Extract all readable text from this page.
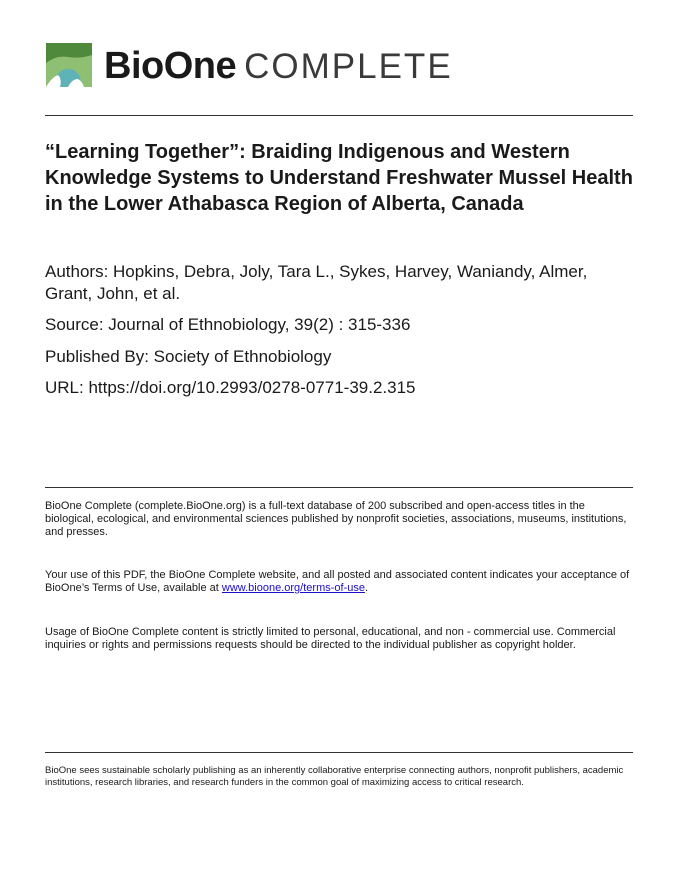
BioOne COMPLETE
“Learning Together”: Braiding Indigenous and Western Knowledge Systems to Understand Freshwater Mussel Health in the Lower Athabasca Region of Alberta, Canada
Authors: Hopkins, Debra, Joly, Tara L., Sykes, Harvey, Waniandy, Almer, Grant, John, et al.
Source: Journal of Ethnobiology, 39(2) : 315-336
Published By: Society of Ethnobiology
URL: https://doi.org/10.2993/0278-0771-39.2.315
BioOne Complete (complete.BioOne.org) is a full-text database of 200 subscribed and open-access titles in the biological, ecological, and environmental sciences published by nonprofit societies, associations, museums, institutions, and presses.
Your use of this PDF, the BioOne Complete website, and all posted and associated content indicates your acceptance of BioOne’s Terms of Use, available at www.bioone.org/terms-of-use.
Usage of BioOne Complete content is strictly limited to personal, educational, and non - commercial use. Commercial inquiries or rights and permissions requests should be directed to the individual publisher as copyright holder.
BioOne sees sustainable scholarly publishing as an inherently collaborative enterprise connecting authors, nonprofit publishers, academic institutions, research libraries, and research funders in the common goal of maximizing access to critical research.
